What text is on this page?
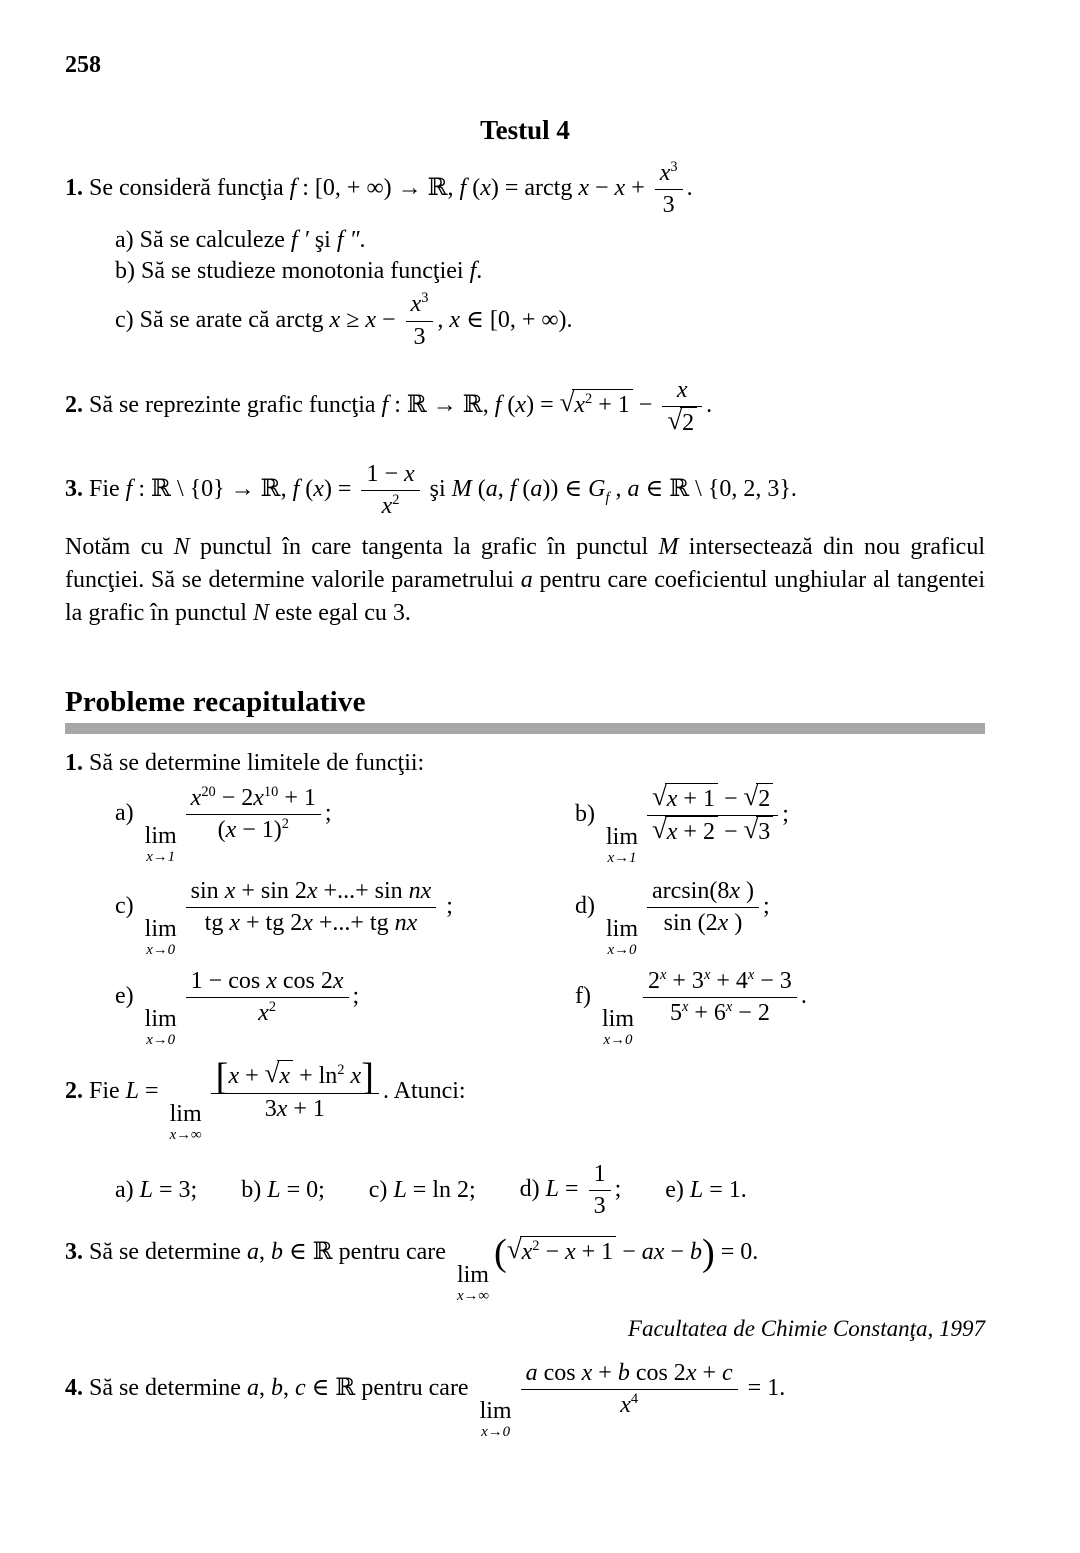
258
Testul 4
1. Se consideră funcţia f : [0, + ∞) → ℝ, f (x) = arctg $x - x + \frac{x^3}{3}$ .
a) Să se calculeze f ′ şi f ″.
b) Să se studieze monotonia funcţiei f.
c) Să se arate că arctg $x \ge x - \frac{x^3}{3}$ , x ∈ [0, + ∞).
2. Să se reprezinte grafic funcţia f : ℝ → ℝ, f $(x) = √x^2 + 1 - \frac{x}{√2}$ .
3. Fie f : ℝ \ {0} → ℝ, f $(x) = \frac{1 - x}{x^2}$ şi M (a, f (a)) ∈ $G_f$ , a ∈ ℝ \ {0, 2, 3}.
Notăm cu N punctul în care tangenta la grafic în punctul M intersectează din nou graficul funcţiei. Să se determine valorile parametrului a pentru care coeficientul unghiular al tangentei la grafic în punctul N este egal cu 3.
Probleme recapitulative
1. Să se determine limitele de funcţii:
a)
lim
x→1
$\frac{x^{20} - 2x^{10} + 1}{(x - 1)^2}$ ;	b)
lim
x→1
$\frac{√x + 1 - √2}{√x + 2 - √3}$ ;
c)
lim
x→0
$\frac{\text{sin x + sin 2x +...+ sin nx}}{\text{tg x + tg 2x +...+ tg nx}}$ ;	d)
lim
x→0
$\frac{\arcsin(8x )}{\sin (2x )}$ ;
e)
lim
x→0
$\frac{\text{1 − cos x cos 2x}}{x^2}$ ;	f)
lim
x→0
$\frac{2^x + 3^x + 4^x - 3}{5^x + 6^x - 2}$ .
2. Fie L =
lim
x→∞
$\frac{[x + √x + \ln^2 x]}{3x + 1}$ . Atunci:
a) L = 3; b) L = 0; c) L = ln 2; d) $L = \frac{1}{3}$ ; e) L = 1.
3. Să se determine a, b ∈ ℝ pentru care
lim
x→∞
($√x^2 - x + 1$ − ax − b) = 0.
Facultatea de Chimie Constanţa, 1997
4. Să se determine a, b, c ∈ ℝ pentru care
lim
x→0
$\frac{\text{a cos x + b cos 2x + c}}{x^4} = 1$.
